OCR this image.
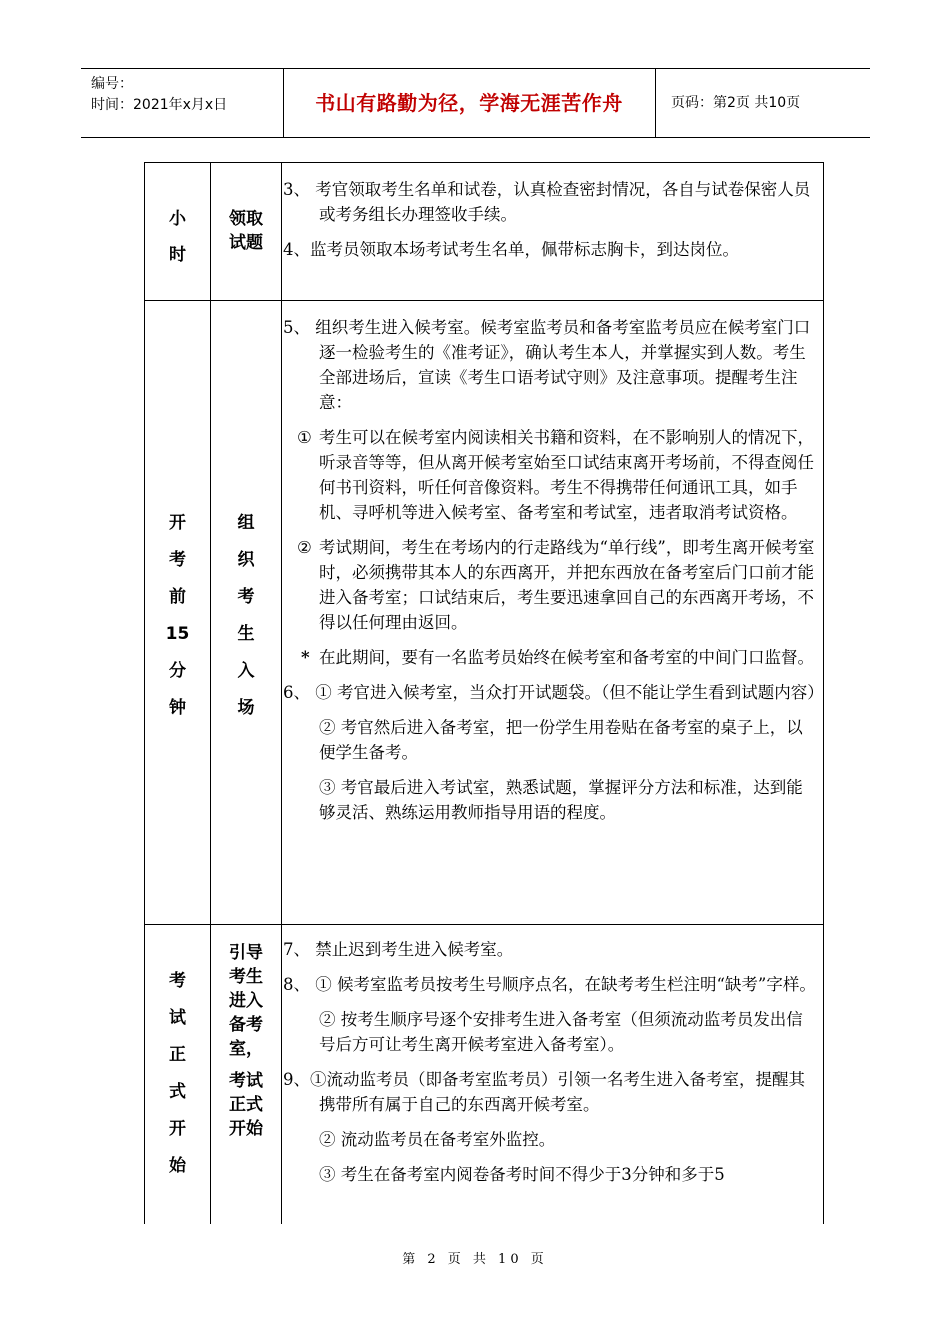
编号：
时间：2021年x月x日	书山有路勤为径，学海无涯苦作舟	页码：第2页 共10页
小
时
领取试题

3、 考官领取考生名单和试卷，认真检查密封情况，各自与试卷保密人员或考务组长办理签收手续。

4、监考员领取本场考试考生名单，佩带标志胸卡，到达岗位。

开
考
前
15
分
钟
组
织
考
生
入
场

5、 组织考生进入候考室。候考室监考员和备考室监考员应在候考室门口逐一检验考生的《准考证》，确认考生本人，并掌握实到人数。考生全部进场后，宣读《考生口语考试守则》及注意事项。提醒考生注意：

① 考生可以在候考室内阅读相关书籍和资料，在不影响别人的情况下，听录音等等，但从离开候考室始至口试结束离开考场前，不得查阅任何书刊资料，听任何音像资料。考生不得携带任何通讯工具，如手机、寻呼机等进入候考室、备考室和考试室，违者取消考试资格。
② 考试期间，考生在考场内的行走路线为“单行线”，即考生离开候考室时，必须携带其本人的东西离开，并把东西放在备考室后门口前才能进入备考室；口试结束后，考生要迅速拿回自己的东西离开考场，不得以任何理由返回。
* 在此期间，要有一名监考员始终在候考室和备考室的中间门口监督。

6、 ① 考官进入候考室，当众打开试题袋。（但不能让学生看到试题内容）

② 考官然后进入备考室，把一份学生用卷贴在备考室的桌子上，以便学生备考。

③ 考官最后进入考试室，熟悉试题，掌握评分方法和标准，达到能够灵活、熟练运用教师指导用语的程度。

考
试
正
式
开
始
引导
考生
进入
备考
室，
考试
正式
开始

7、 禁止迟到考生进入候考室。

8、 ① 候考室监考员按考生号顺序点名，在缺考考生栏注明“缺考”字样。

② 按考生顺序号逐个安排考生进入备考室（但须流动监考员发出信号后方可让考生离开候考室进入备考室）。

9、①流动监考员（即备考室监考员）引领一名考生进入备考室，提醒其携带所有属于自己的东西离开候考室。

② 流动监考员在备考室外监控。

③ 考生在备考室内阅卷备考时间不得少于3分钟和多于5

第 2 页 共 10 页
